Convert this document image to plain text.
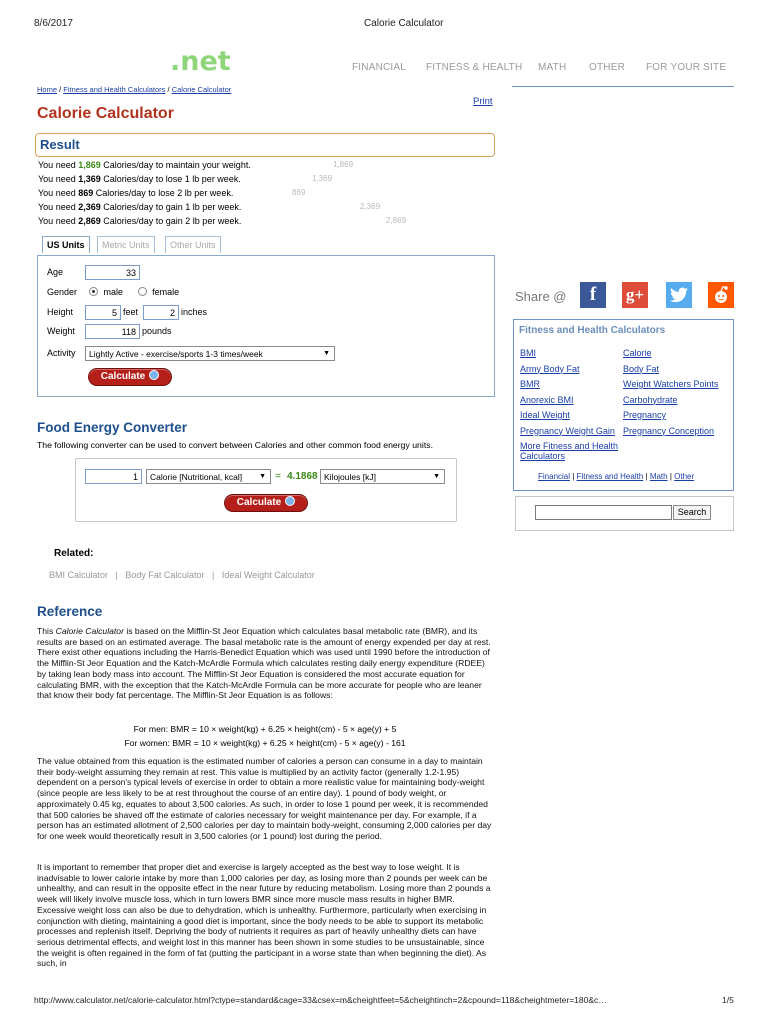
8/6/2017	Calorie Calculator
.net	FINANCIAL FITNESS & HEALTH MATH OTHER FOR YOUR SITE
Home / Fitness and Health Calculators / Calorie Calculator
Print
Calorie Calculator
Result
You need 1,869 Calories/day to maintain your weight.	1,869
You need 1,369 Calories/day to lose 1 lb per week.	1,369
You need 869 Calories/day to lose 2 lb per week.	869
You need 2,369 Calories/day to gain 1 lb per week.	2,369
You need 2,869 Calories/day to gain 2 lb per week.	2,869
US Units	Metric Units	Other Units
Age	33
Gender	male	female
Height	5 feet	2 inches
Weight	118 pounds
Activity	Lightly Active - exercise/sports 1-3 times/week	▼
Calculate
Food Energy Converter
The following converter can be used to convert between Calories and other common food energy units.
1	Calorie [Nutritional, kcal] ▼ = 4.1868 Kilojoules [kJ]	▼
Calculate
Related:
BMI Calculator | Body Fat Calculator | Ideal Weight Calculator
Reference
This Calorie Calculator is based on the Mifflin-St Jeor Equation which calculates basal metabolic rate (BMR), and its results are based on an estimated average. The basal metabolic rate is the amount of energy expended per day at rest. There exist other equations including the Harris-Benedict Equation which was used until 1990 before the introduction of the Mifflin-St Jeor Equation and the Katch-McArdle Formula which calculates resting daily energy expenditure (RDEE) by taking lean body mass into account. The Mifflin-St Jeor Equation is considered the most accurate equation for calculating BMR, with the exception that the Katch-McArdle Formula can be more accurate for people who are leaner that know their body fat percentage. The Mifflin-St Jeor Equation is as follows:
For men: BMR = 10 × weight(kg) + 6.25 × height(cm) - 5 × age(y) + 5
For women: BMR = 10 × weight(kg) + 6.25 × height(cm) - 5 × age(y) - 161
The value obtained from this equation is the estimated number of calories a person can consume in a day to maintain their body-weight assuming they remain at rest. This value is multiplied by an activity factor (generally 1.2-1.95) dependent on a person's typical levels of exercise in order to obtain a more realistic value for maintaining body-weight (since people are less likely to be at rest throughout the course of an entire day). 1 pound of body weight, or approximately 0.45 kg, equates to about 3,500 calories. As such, in order to lose 1 pound per week, it is recommended that 500 calories be shaved off the estimate of calories necessary for weight maintenance per day. For example, if a person has an estimated allotment of 2,500 calories per day to maintain body-weight, consuming 2,000 calories per day for one week would theoretically result in 3,500 calories (or 1 pound) lost during the period.
It is important to remember that proper diet and exercise is largely accepted as the best way to lose weight. It is inadvisable to lower calorie intake by more than 1,000 calories per day, as losing more than 2 pounds per week can be unhealthy, and can result in the opposite effect in the near future by reducing metabolism. Losing more than 2 pounds a week will likely involve muscle loss, which in turn lowers BMR since more muscle mass results in higher BMR. Excessive weight loss can also be due to dehydration, which is unhealthy. Furthermore, particularly when exercising in conjunction with dieting, maintaining a good diet is important, since the body needs to be able to support its metabolic processes and replenish itself. Depriving the body of nutrients it requires as part of heavily unhealthy diets can have serious detrimental effects, and weight lost in this manner has been shown in some studies to be unsustainable, since the weight is often regained in the form of fat (putting the participant in a worse state than when beginning the diet). As such, in
Share @	f	g+
Fitness and Health Calculators
BMI
Army Body Fat
BMR
Anorexic BMI
Ideal Weight
Pregnancy Weight Gain
Calorie
Body Fat
Weight Watchers Points
Carbohydrate
Pregnancy
Pregnancy Conception
More Fitness and Health Calculators
Financial | Fitness and Health | Math | Other
Search
http://www.calculator.net/calorie-calculator.html?ctype=standard&cage=33&csex=m&cheightfeet=5&cheightinch=2&cpound=118&cheightmeter=180&c…	1/5
